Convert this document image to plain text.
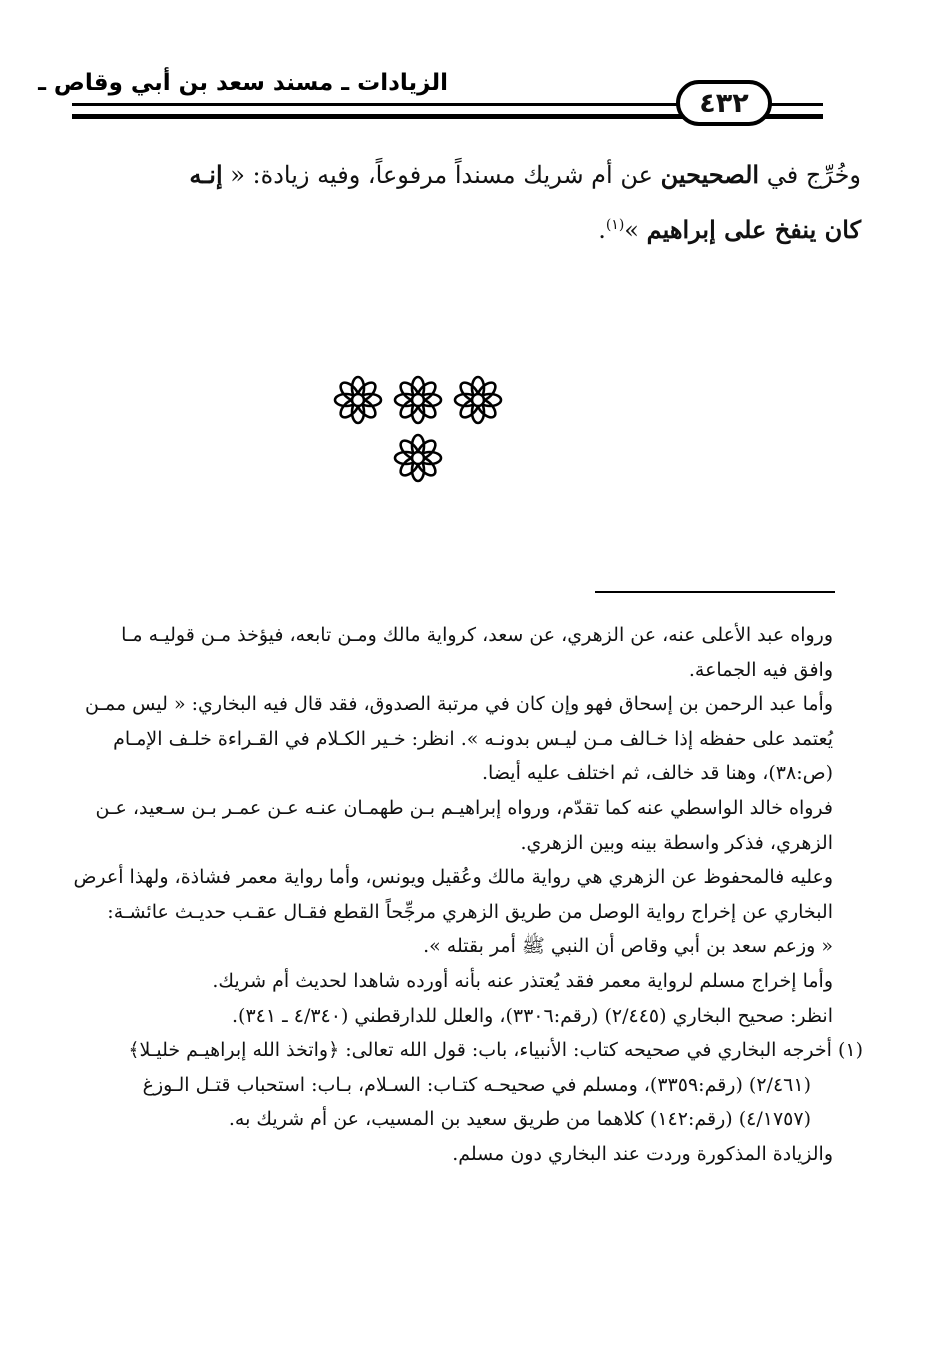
الزيادات ـ مسند سعد بن أبي وقاص ـ
٤٣٢
وخُرِّج في الصحيحين عن أم شريك مسنداً مرفوعاً، وفيه زيادة: « إنـه
كان ينفخ على إبراهيم »$^{(١)}$.
ورواه عبد الأعلى عنه، عن الزهري، عن سعد، كرواية مالك ومـن تابعه، فيؤخذ مـن قوليـه مـا
وافق فيه الجماعة.
وأما عبد الرحمن بن إسحاق فهو وإن كان في مرتبة الصدوق، فقد قال فيه البخاري: « ليس ممـن
يُعتمد على حفظه إذا خـالف مـن ليـس بدونـه ». انظر: خـير الكـلام في القـراءة خلـف الإمـام
(ص:٣٨)، وهنا قد خالف، ثم اختلف عليه أيضا.
فرواه خالد الواسطي عنه كما تقدّم، ورواه إبراهيـم بـن طهمـان عنـه عـن عمـر بـن سـعيد، عـن
الزهري، فذكر واسطة بينه وبين الزهري.
وعليه فالمحفوظ عن الزهري هي رواية مالك وعُقيل ويونس، وأما رواية معمر فشاذة، ولهذا أعرض
البخاري عن إخراج رواية الوصل من طريق الزهري مرجِّحاً القطع فقـال عقـب حديـث عائشـة:
« وزعم سعد بن أبي وقاص أن النبي ﷺ أمر بقتله ».
وأما إخراج مسلم لرواية معمر فقد يُعتذر عنه بأنه أورده شاهدا لحديث أم شريك.
انظر: صحيح البخاري (٢/٤٤٥) (رقم:٣٣٠٦)، والعلل للدارقطني (٤/٣٤٠ ـ ٣٤١).
(١) أخرجه البخاري في صحيحه كتاب: الأنبياء، باب: قول الله تعالى: ﴿واتخذ الله إبراهيـم خليـلا﴾
(٢/٤٦١) (رقم:٣٣٥٩)، ومسلم في صحيحـه كتـاب: السـلام، بـاب: استحباب قتـل الـوزغ
(٤/١٧٥٧) (رقم:١٤٢) كلاهما من طريق سعيد بن المسيب، عن أم شريك به.
والزيادة المذكورة وردت عند البخاري دون مسلم.
